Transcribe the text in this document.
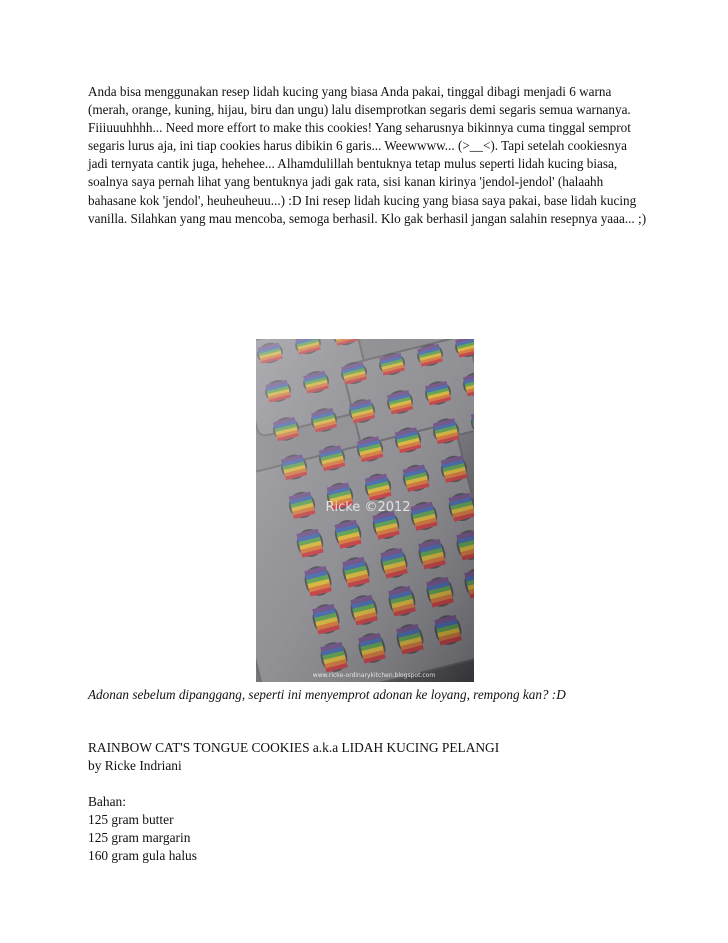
Anda bisa menggunakan resep lidah kucing yang biasa Anda pakai, tinggal dibagi menjadi 6 warna (merah, orange, kuning, hijau, biru dan ungu) lalu disemprotkan segaris demi segaris semua warnanya. Fiiiuuuhhhh... Need more effort to make this cookies! Yang seharusnya bikinnya cuma tinggal semprot segaris lurus aja, ini tiap cookies harus dibikin 6 garis... Weewwww... (>__<). Tapi setelah cookiesnya jadi ternyata cantik juga, hehehee... Alhamdulillah bentuknya tetap mulus seperti lidah kucing biasa, soalnya saya pernah lihat yang bentuknya jadi gak rata, sisi kanan kirinya 'jendol-jendol' (halaahh bahasane kok 'jendol', heuheuheuu...) :D Ini resep lidah kucing yang biasa saya pakai, base lidah kucing vanilla. Silahkan yang mau mencoba, semoga berhasil. Klo gak berhasil jangan salahin resepnya yaaa... ;)

Ricke ©2012
www.ricke-ordinarykitchen.blogspot.com

Adonan sebelum dipanggang, seperti ini menyemprot adonan ke loyang, rempong kan? :D

RAINBOW CAT'S TONGUE COOKIES a.k.a LIDAH KUCING PELANGI
by Ricke Indriani
Bahan:
125 gram butter
125 gram margarin
160 gram gula halus
